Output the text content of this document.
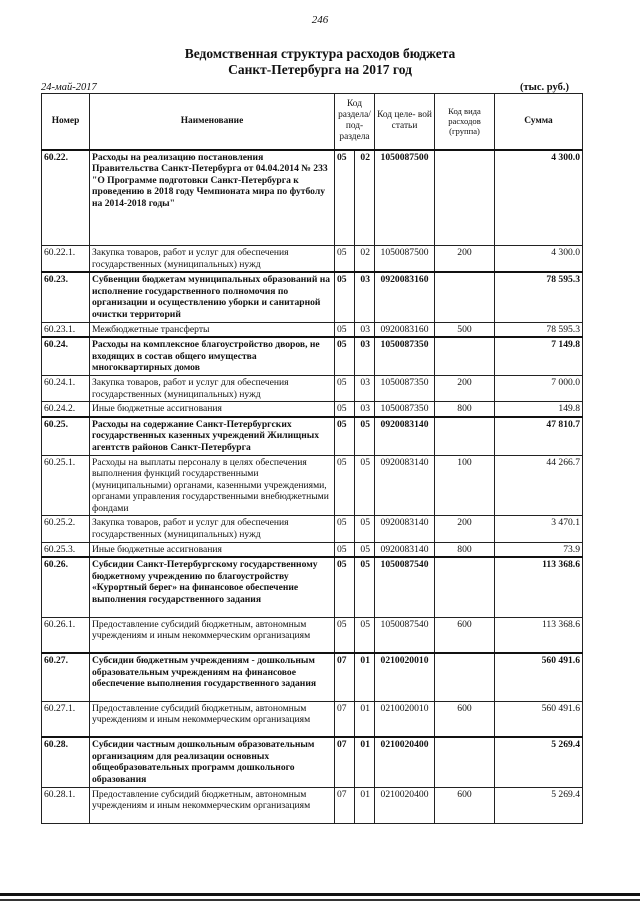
246
Ведомственная структура расходов бюджета
Санкт-Петербурга на 2017 год
24-май-2017	(тыс. руб.)
Номер	Наименование	Код раздела/ под- раздела		Код целе- вой статьи	Код вида расходов (группа)	Сумма
60.22.	Расходы на реализацию постановления Правительства Санкт-Петербурга от 04.04.2014 № 233 "О Программе подготовки Санкт-Петербурга к проведению в 2018 году Чемпионата мира по футболу на 2014-2018 годы"	05	02	1050087500		4 300.0
60.22.1.	Закупка товаров, работ и услуг для обеспечения государственных (муниципальных) нужд	05	02	1050087500	200	4 300.0
60.23.	Субвенции бюджетам муниципальных образований на исполнение государственного полномочия по организации и осуществлению уборки и санитарной очистки территорий	05	03	0920083160		78 595.3
60.23.1.	Межбюджетные трансферты	05	03	0920083160	500	78 595.3
60.24.	Расходы на комплексное благоустройство дворов, не входящих в состав общего имущества многоквартирных домов	05	03	1050087350		7 149.8
60.24.1.	Закупка товаров, работ и услуг для обеспечения государственных (муниципальных) нужд	05	03	1050087350	200	7 000.0
60.24.2.	Иные бюджетные ассигнования	05	03	1050087350	800	149.8
60.25.	Расходы на содержание Санкт-Петербургских государственных казенных учреждений Жилищных агентств районов Санкт-Петербурга	05	05	0920083140		47 810.7
60.25.1.	Расходы на выплаты персоналу в целях обеспечения выполнения функций государственными (муниципальными) органами, казенными учреждениями, органами управления государственными внебюджетными фондами	05	05	0920083140	100	44 266.7
60.25.2.	Закупка товаров, работ и услуг для обеспечения государственных (муниципальных) нужд	05	05	0920083140	200	3 470.1
60.25.3.	Иные бюджетные ассигнования	05	05	0920083140	800	73.9
60.26.	Субсидии Санкт-Петербургскому государственному бюджетному учреждению по благоустройству «Курортный берег» на финансовое обеспечение выполнения государственного задания	05	05	1050087540		113 368.6
60.26.1.	Предоставление субсидий бюджетным, автономным учреждениям и иным некоммерческим организациям	05	05	1050087540	600	113 368.6
60.27.	Субсидии бюджетным учреждениям - дошкольным образовательным учреждениям на финансовое обеспечение выполнения государственного задания	07	01	0210020010		560 491.6
60.27.1.	Предоставление субсидий бюджетным, автономным учреждениям и иным некоммерческим организациям	07	01	0210020010	600	560 491.6
60.28.	Субсидии частным дошкольным образовательным организациям для реализации основных общеобразовательных программ дошкольного образования	07	01	0210020400		5 269.4
60.28.1.	Предоставление субсидий бюджетным, автономным учреждениям и иным некоммерческим организациям	07	01	0210020400	600	5 269.4
